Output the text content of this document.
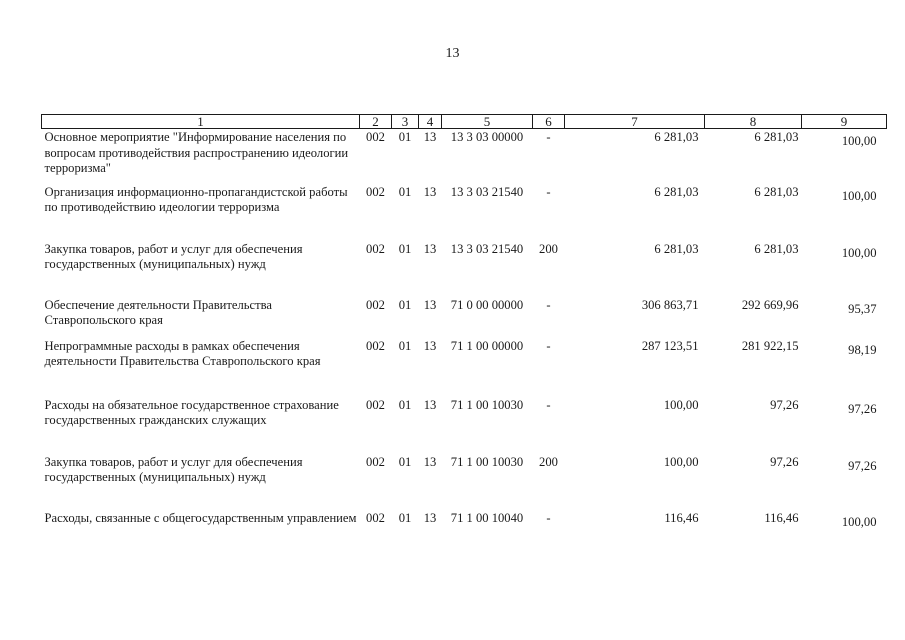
13
1	2	3	4	5	6	7	8	9
Основное мероприятие "Информирование населения по вопросам противодействия распространению идеологии терроризма"	002	01	13	13 3 03 00000	-	6 281,03	6 281,03	100,00
Организация информационно-пропагандистской работы по противодействию идеологии терроризма	002	01	13	13 3 03 21540	-	6 281,03	6 281,03	100,00
Закупка товаров, работ и услуг для обеспечения государственных (муниципальных) нужд	002	01	13	13 3 03 21540	200	6 281,03	6 281,03	100,00
Обеспечение деятельности Правительства Ставропольского края	002	01	13	71 0 00 00000	-	306 863,71	292 669,96	95,37
Непрограммные расходы в рамках обеспечения деятельности Правительства Ставропольского края	002	01	13	71 1 00 00000	-	287 123,51	281 922,15	98,19
Расходы на обязательное государственное страхование государственных гражданских служащих	002	01	13	71 1 00 10030	-	100,00	97,26	97,26
Закупка товаров, работ и услуг для обеспечения государственных (муниципальных) нужд	002	01	13	71 1 00 10030	200	100,00	97,26	97,26
Расходы, связанные с общегосударственным управлением	002	01	13	71 1 00 10040	-	116,46	116,46	100,00
